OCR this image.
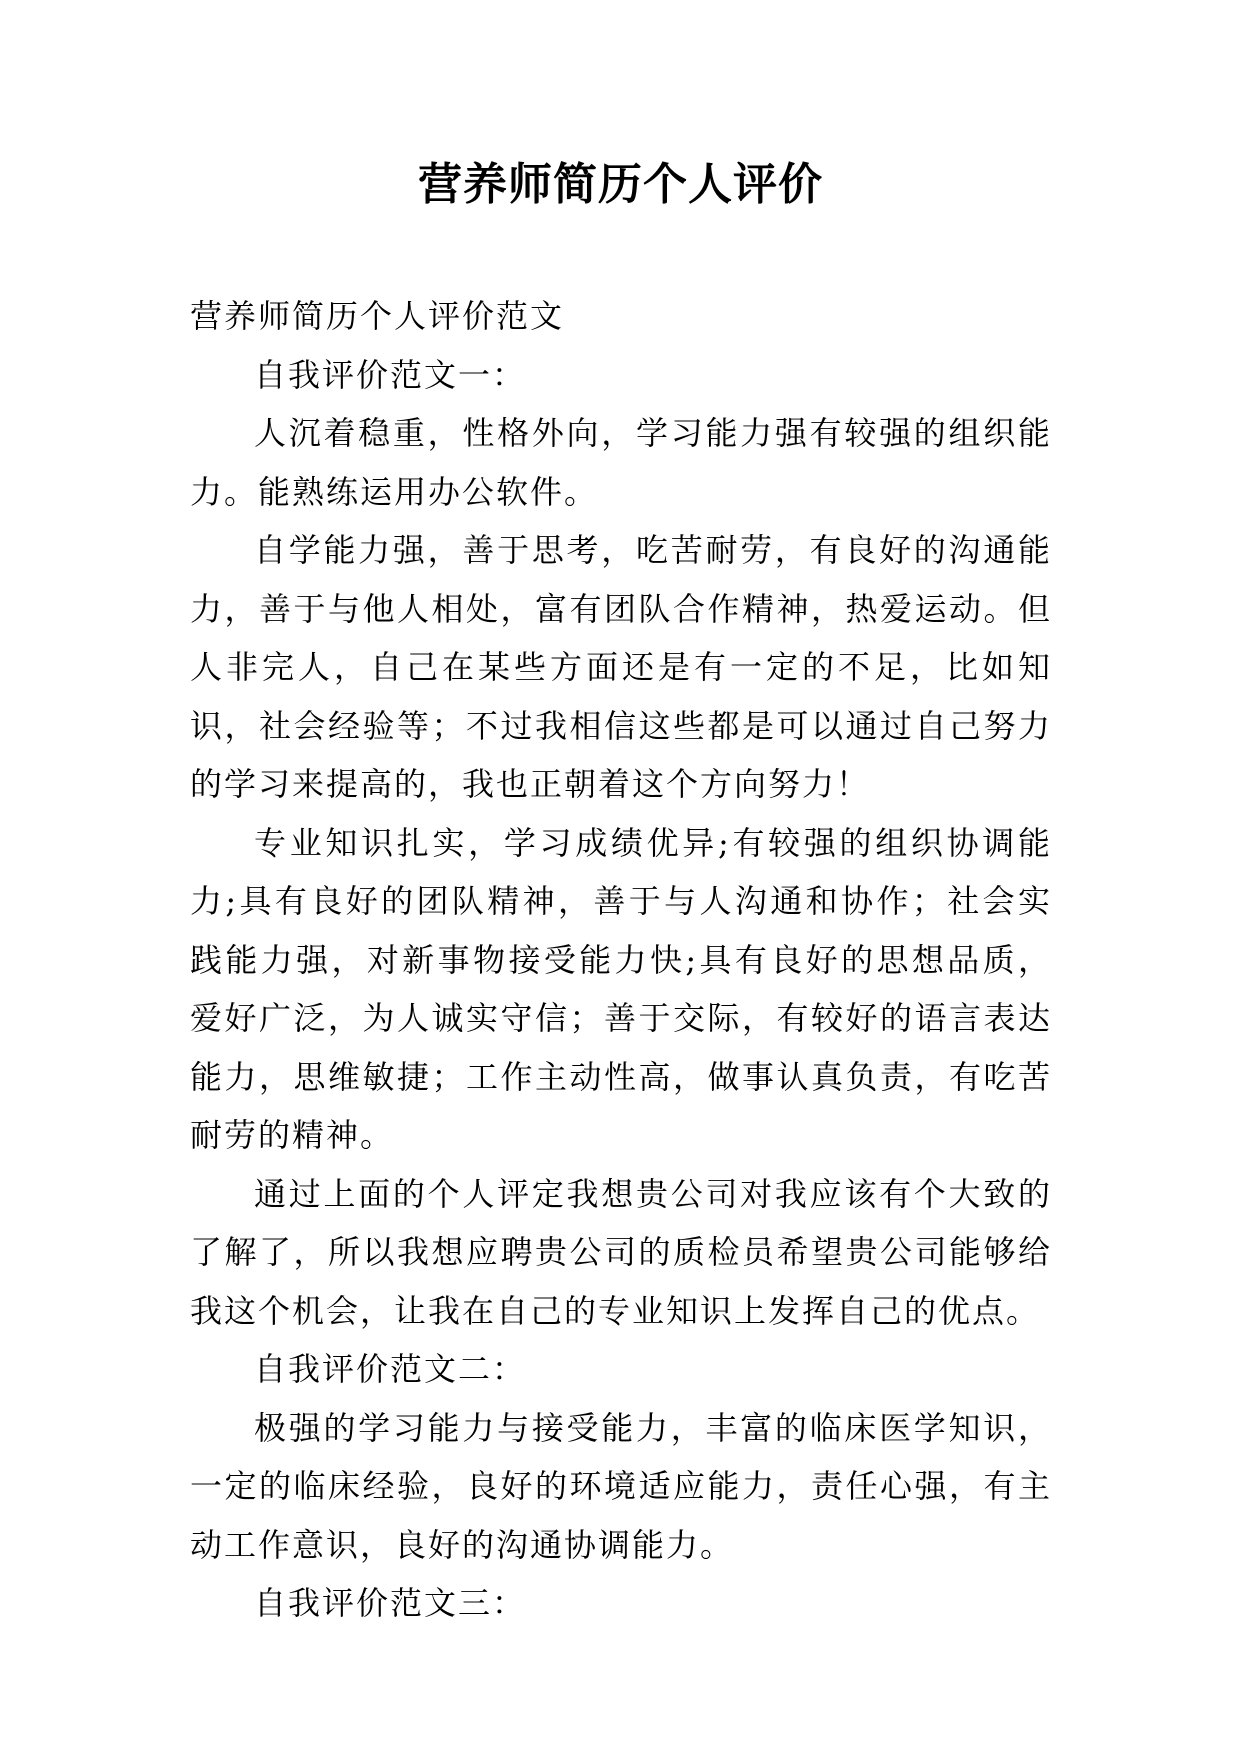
营养师简历个人评价

营养师简历个人评价范文

自我评价范文一：

人沉着稳重，性格外向，学习能力强有较强的组织能力。能熟练运用办公软件。

自学能力强，善于思考，吃苦耐劳，有良好的沟通能力，善于与他人相处，富有团队合作精神，热爱运动。但人非完人，自己在某些方面还是有一定的不足，比如知识，社会经验等；不过我相信这些都是可以通过自己努力的学习来提高的，我也正朝着这个方向努力！

专业知识扎实，学习成绩优异;有较强的组织协调能力;具有良好的团队精神，善于与人沟通和协作；社会实践能力强，对新事物接受能力快;具有良好的思想品质，爱好广泛，为人诚实守信；善于交际，有较好的语言表达能力，思维敏捷；工作主动性高，做事认真负责，有吃苦耐劳的精神。

通过上面的个人评定我想贵公司对我应该有个大致的了解了，所以我想应聘贵公司的质检员希望贵公司能够给我这个机会，让我在自己的专业知识上发挥自己的优点。

自我评价范文二：

极强的学习能力与接受能力，丰富的临床医学知识，一定的临床经验，良好的环境适应能力，责任心强，有主动工作意识，良好的沟通协调能力。

自我评价范文三：
